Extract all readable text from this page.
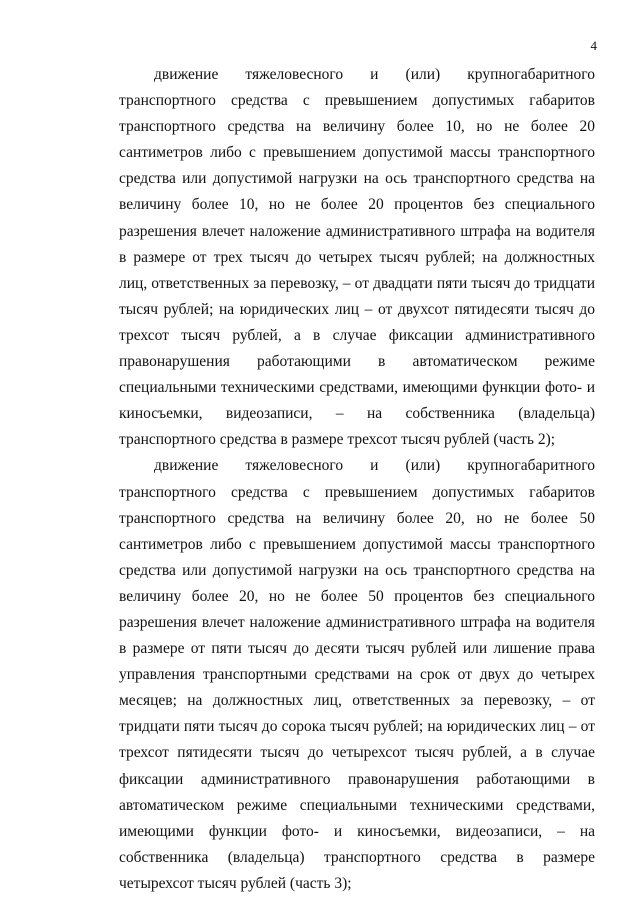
4

движение тяжеловесного и (или) крупногабаритного транспортного средства с превышением допустимых габаритов транспортного средства на величину более 10, но не более 20 сантиметров либо с превышением допустимой массы транспортного средства или допустимой нагрузки на ось транспортного средства на величину более 10, но не более 20 процентов без специального разрешения влечет наложение административного штрафа на водителя в размере от трех тысяч до четырех тысяч рублей; на должностных лиц, ответственных за перевозку, – от двадцати пяти тысяч до тридцати тысяч рублей; на юридических лиц – от двухсот пятидесяти тысяч до трехсот тысяч рублей, а в случае фиксации административного правонарушения работающими в автоматическом режиме специальными техническими средствами, имеющими функции фото- и киносъемки, видеозаписи, – на собственника (владельца) транспортного средства в размере трехсот тысяч рублей (часть 2);

движение тяжеловесного и (или) крупногабаритного транспортного средства с превышением допустимых габаритов транспортного средства на величину более 20, но не более 50 сантиметров либо с превышением допустимой массы транспортного средства или допустимой нагрузки на ось транспортного средства на величину более 20, но не более 50 процентов без специального разрешения влечет наложение административного штрафа на водителя в размере от пяти тысяч до десяти тысяч рублей или лишение права управления транспортными средствами на срок от двух до четырех месяцев; на должностных лиц, ответственных за перевозку, – от тридцати пяти тысяч до сорока тысяч рублей; на юридических лиц – от трехсот пятидесяти тысяч до четырехсот тысяч рублей, а в случае фиксации административного правонарушения работающими в автоматическом режиме специальными техническими средствами, имеющими функции фото- и киносъемки, видеозаписи, – на собственника (владельца) транспортного средства в размере четырехсот тысяч рублей (часть 3);
